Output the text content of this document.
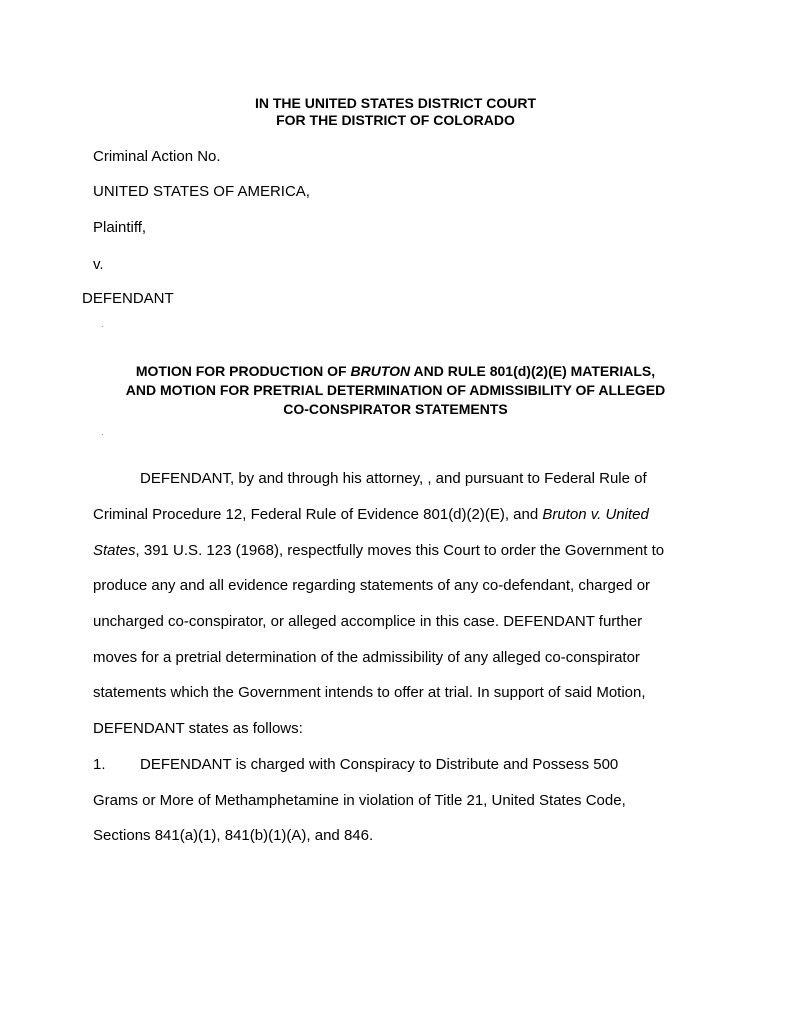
IN THE UNITED STATES DISTRICT COURT
FOR THE DISTRICT OF COLORADO
Criminal Action No.
UNITED STATES OF AMERICA,
Plaintiff,
v.
DEFENDANT
·
MOTION FOR PRODUCTION OF BRUTON AND RULE 801(d)(2)(E) MATERIALS,
AND MOTION FOR PRETRIAL DETERMINATION OF ADMISSIBILITY OF ALLEGED
CO-CONSPIRATOR STATEMENTS
·
DEFENDANT, by and through his attorney, , and pursuant to Federal Rule of
Criminal Procedure 12, Federal Rule of Evidence 801(d)(2)(E), and Bruton v. United
States, 391 U.S. 123 (1968), respectfully moves this Court to order the Government to
produce any and all evidence regarding statements of any co-defendant, charged or
uncharged co-conspirator, or alleged accomplice in this case. DEFENDANT further
moves for a pretrial determination of the admissibility of any alleged co-conspirator
statements which the Government intends to offer at trial. In support of said Motion,
DEFENDANT states as follows:
1. DEFENDANT is charged with Conspiracy to Distribute and Possess 500
Grams or More of Methamphetamine in violation of Title 21, United States Code,
Sections 841(a)(1), 841(b)(1)(A), and 846.
